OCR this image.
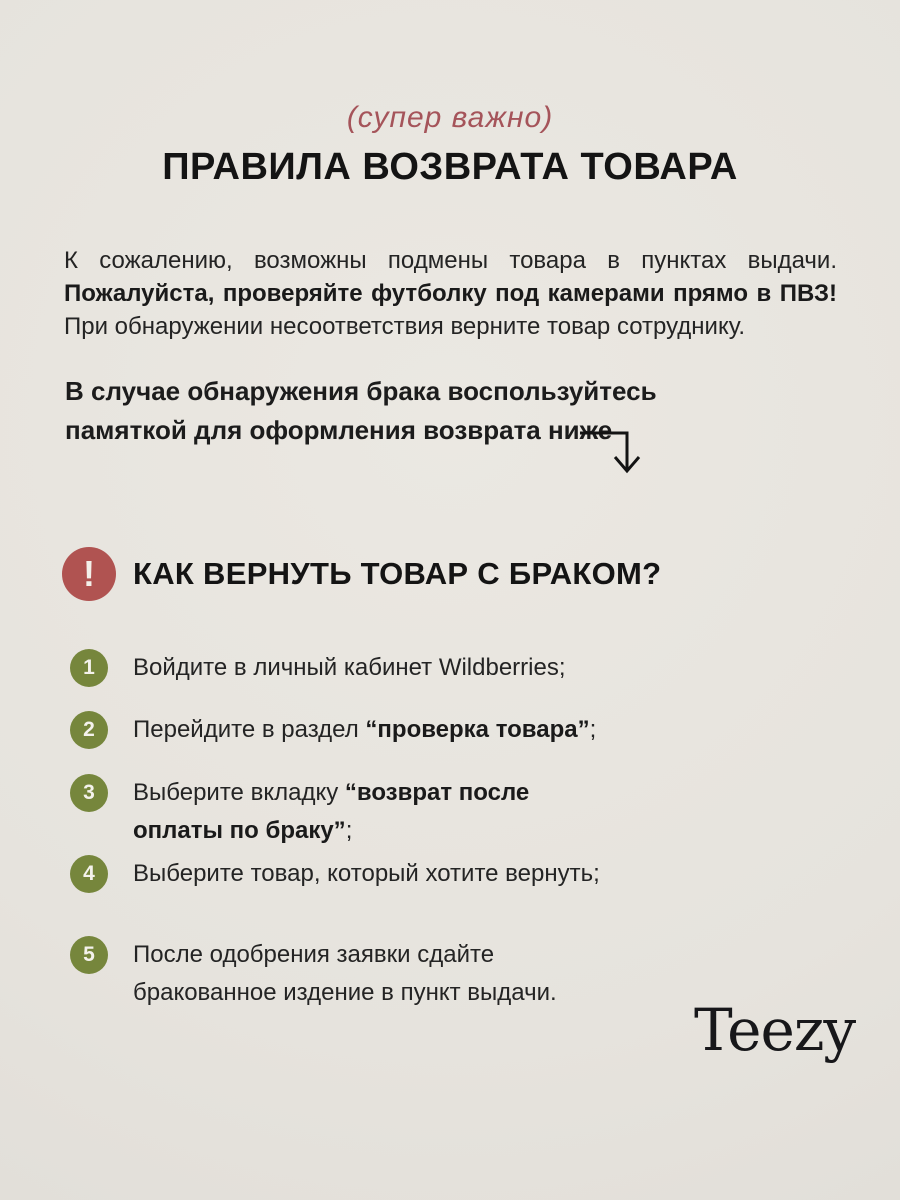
(супер важно)
ПРАВИЛА ВОЗВРАТА ТОВАРА

К сожалению, возможны подмены товара в пунктах выдачи.
Пожалуйста, проверяйте футболку под камерами прямо в ПВЗ!
При обнаружении несоответствия верните товар сотруднику.

В случае обнаружения брака воспользуйтесь
памяткой для оформления возврата ниже
! КАК ВЕРНУТЬ ТОВАР С БРАКОМ?
1	Войдите в личный кабинет Wildberries;
2	Перейдите в раздел “проверка товара”;
3	Выберите вкладку “возврат после оплаты по браку”;
4	Выберите товар, который хотите вернуть;
5	После одобрения заявки сдайте бракованное издение в пункт выдачи.
Teezy
